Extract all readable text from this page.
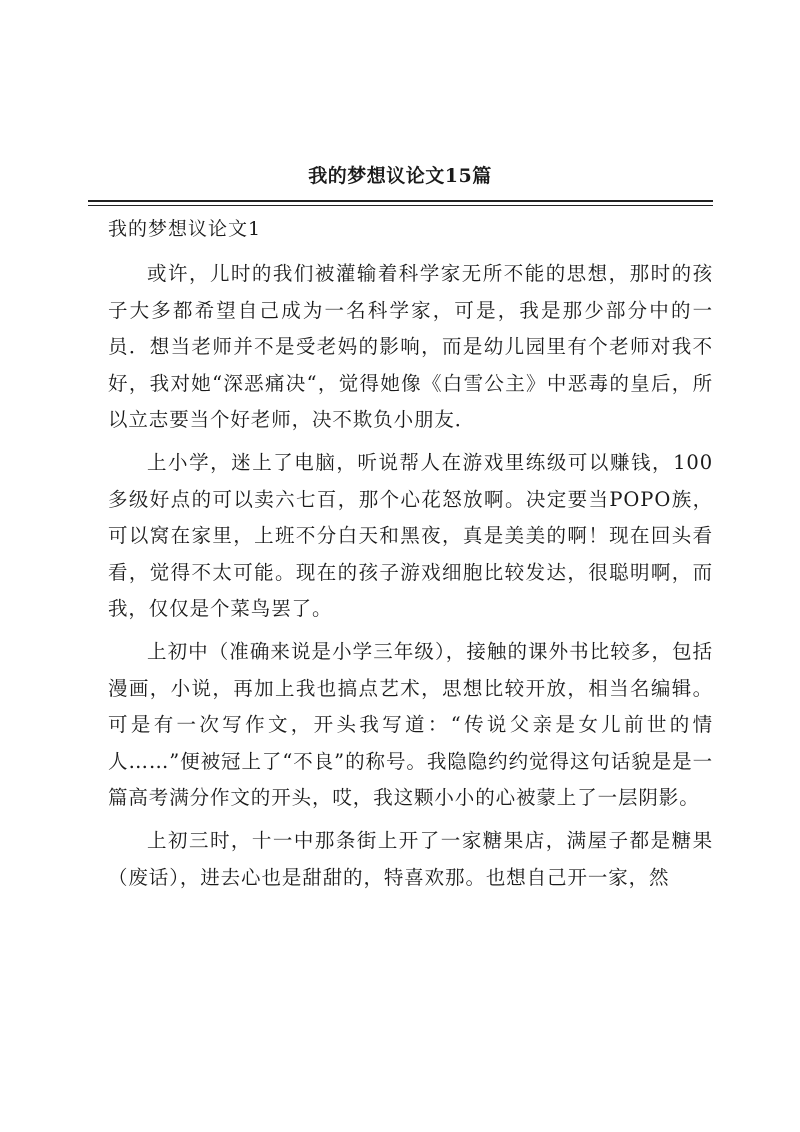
我的梦想议论文15篇
我的梦想议论文1

或许，儿时的我们被灌输着科学家无所不能的思想，那时的孩子大多都希望自己成为一名科学家，可是，我是那少部分中的一员．想当老师并不是受老妈的影响，而是幼儿园里有个老师对我不好，我对她“深恶痛决“，觉得她像《白雪公主》中恶毒的皇后，所以立志要当个好老师，决不欺负小朋友．

上小学，迷上了电脑，听说帮人在游戏里练级可以赚钱，100多级好点的可以卖六七百，那个心花怒放啊。决定要当POPO族，可以窝在家里，上班不分白天和黑夜，真是美美的啊！现在回头看看，觉得不太可能。现在的孩子游戏细胞比较发达，很聪明啊，而我，仅仅是个菜鸟罢了。

上初中（准确来说是小学三年级），接触的课外书比较多，包括漫画，小说，再加上我也搞点艺术，思想比较开放，相当名编辑。可是有一次写作文，开头我写道：“传说父亲是女儿前世的情人……”便被冠上了“不良”的称号。我隐隐约约觉得这句话貌是是一篇高考满分作文的开头，哎，我这颗小小的心被蒙上了一层阴影。

上初三时，十一中那条街上开了一家糖果店，满屋子都是糖果（废话），进去心也是甜甜的，特喜欢那。也想自己开一家，然
